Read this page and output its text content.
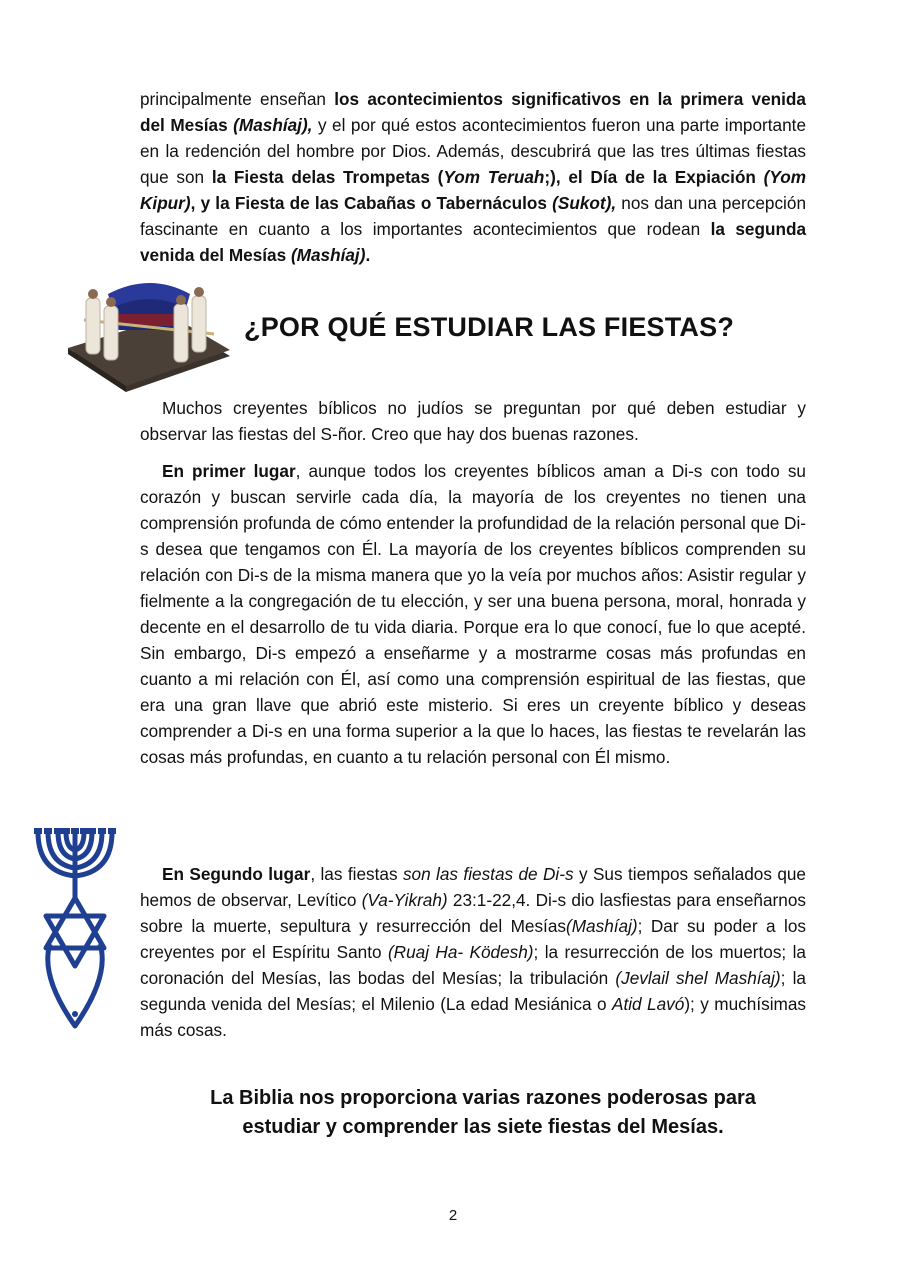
principalmente enseñan los acontecimientos significativos en la primera venida del Mesías (Mashíaj), y el por qué estos acontecimientos fueron una parte importante en la redención del hombre por Dios. Además, descubrirá que las tres últimas fiestas que son la Fiesta delas Trompetas (Yom Teruah;), el Día de la Expiación (Yom Kipur), y la Fiesta de las Cabañas o Tabernáculos (Sukot), nos dan una percepción fascinante en cuanto a los importantes acontecimientos que rodean la segunda venida del Mesías (Mashíaj).

¿POR QUÉ ESTUDIAR LAS FIESTAS?

Muchos creyentes bíblicos no judíos se preguntan por qué deben estudiar y observar las fiestas del S-ñor. Creo que hay dos buenas razones.

En primer lugar, aunque todos los creyentes bíblicos aman a Di-s con todo su corazón y buscan servirle cada día, la mayoría de los creyentes no tienen una comprensión profunda de cómo entender la profundidad de la relación personal que Di-s desea que tengamos con Él. La mayoría de los creyentes bíblicos comprenden su relación con Di-s de la misma manera que yo la veía por muchos años: Asistir regular y fielmente a la congregación de tu elección, y ser una buena persona, moral, honrada y decente en el desarrollo de tu vida diaria. Porque era lo que conocí, fue lo que acepté. Sin embargo, Di-s empezó a enseñarme y a mostrarme cosas más profundas en cuanto a mi relación con Él, así como una comprensión espiritual de las fiestas, que era una gran llave que abrió este misterio. Si eres un creyente bíblico y deseas comprender a Di-s en una forma superior a la que lo haces, las fiestas te revelarán las cosas más profundas, en cuanto a tu relación personal con Él mismo.

En Segundo lugar, las fiestas son las fiestas de Di-s y Sus tiempos señalados que hemos de observar, Levítico (Va-Yikrah) 23:1-22,4. Di-s dio lasfiestas para enseñarnos sobre la muerte, sepultura y resurrección del Mesías(Mashíaj); Dar su poder a los creyentes por el Espíritu Santo (Ruaj Ha- Ködesh); la resurrección de los muertos; la coronación del Mesías, las bodas del Mesías; la tribulación (Jevlail shel Mashíaj); la segunda venida del Mesías; el Milenio (La edad Mesiánica o Atid Lavó); y muchísimas más cosas.

La Biblia nos proporciona varias razones poderosas para
estudiar y comprender las siete fiestas del Mesías.
2
